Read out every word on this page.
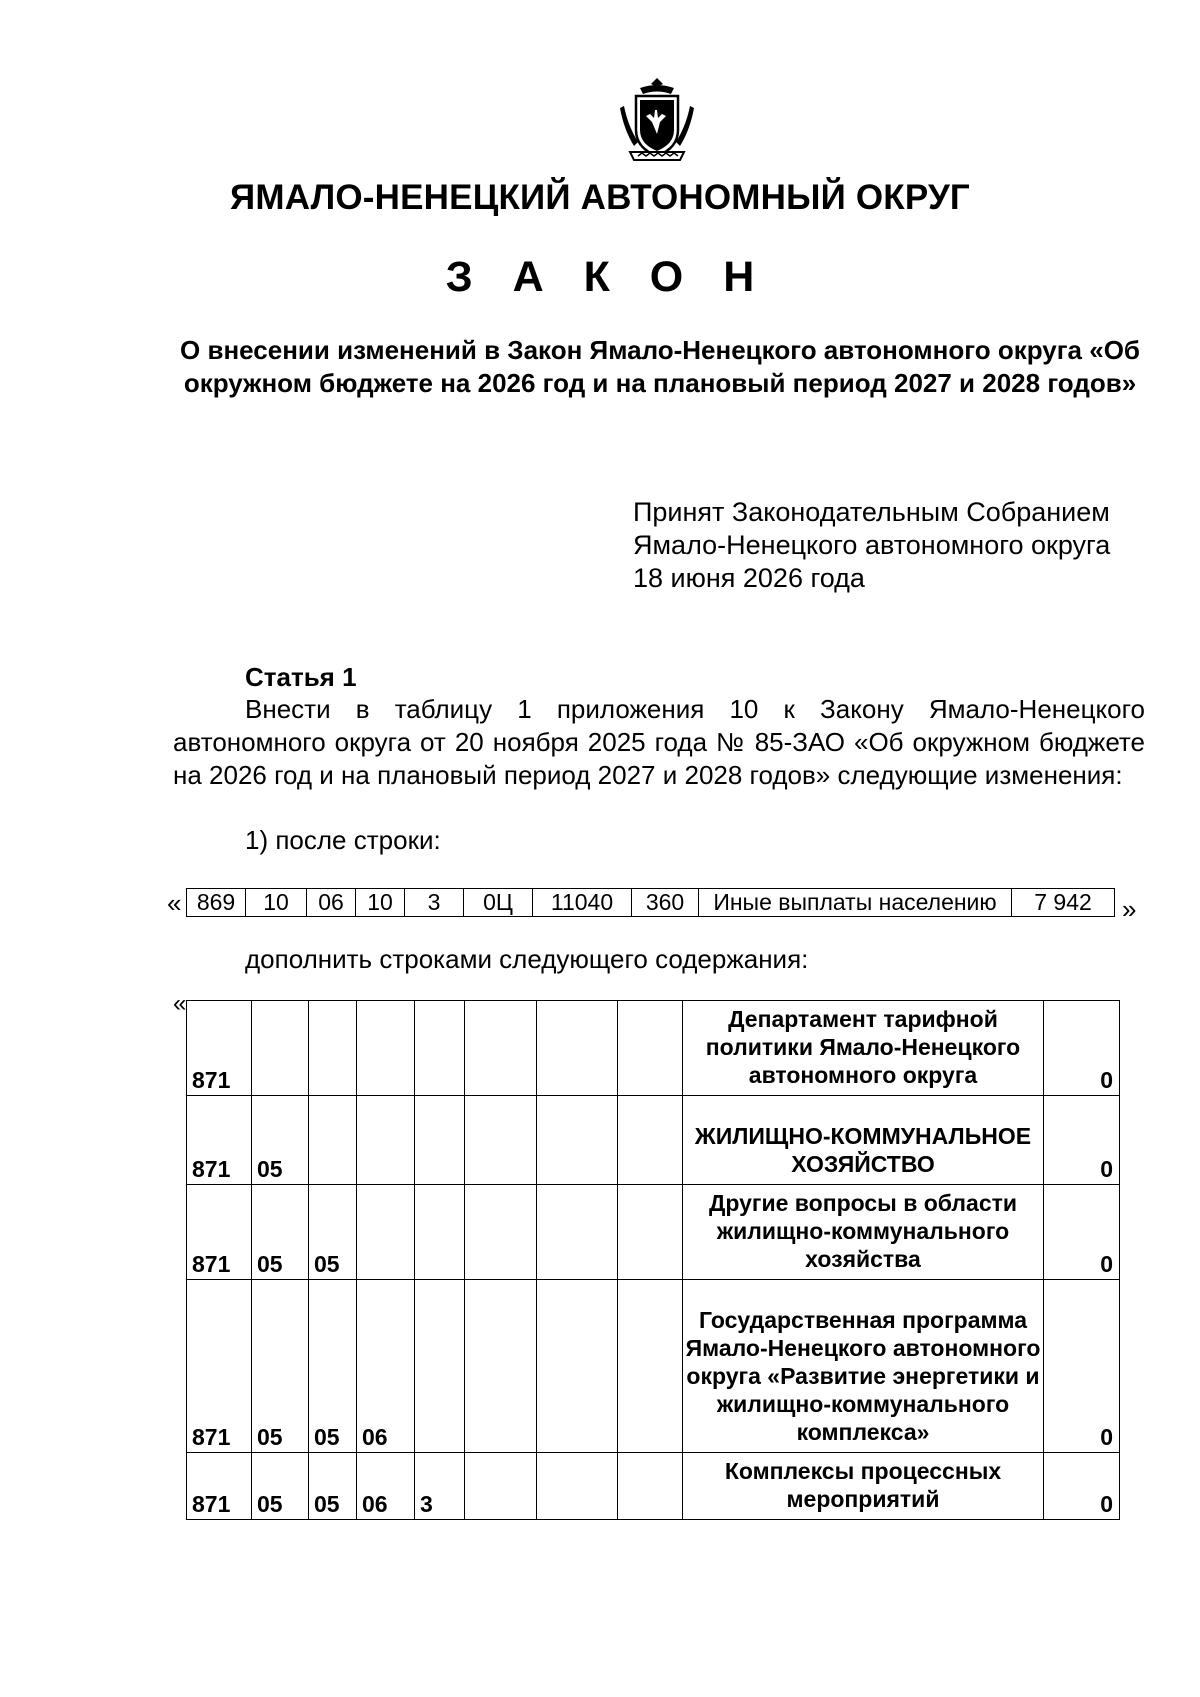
ЯМАЛО-НЕНЕЦКИЙ АВТОНОМНЫЙ ОКРУГ
З А К О Н
О внесении изменений в Закон Ямало-Ненецкого автономного округа «Об окружном бюджете на 2026 год и на плановый период 2027 и 2028 годов»
Принят Законодательным Собранием
Ямало-Ненецкого автономного округа
18 июня 2026 года
Статья 1
Внести в таблицу 1 приложения 10 к Закону Ямало-Ненецкого автономного округа от 20 ноября 2025 года № 85-ЗАО «Об окружном бюджете на 2026 год и на плановый период 2027 и 2028 годов» следующие изменения:
1) после строки:
« 869	10	06	10	3	0Ц	11040	360	Иные выплаты населению	7 942 »
дополнить строками следующего содержания:
«
871								Департамент тарифной политики Ямало-Ненецкого автономного округа	0
871	05							ЖИЛИЩНО-КОММУНАЛЬНОЕ ХОЗЯЙСТВО	0
871	05	05						Другие вопросы в области жилищно-коммунального хозяйства	0
871	05	05	06					Государственная программа Ямало-Ненецкого автономного округа «Развитие энергетики и жилищно-коммунального комплекса»	0
871	05	05	06	3				Комплексы процессных мероприятий	0
